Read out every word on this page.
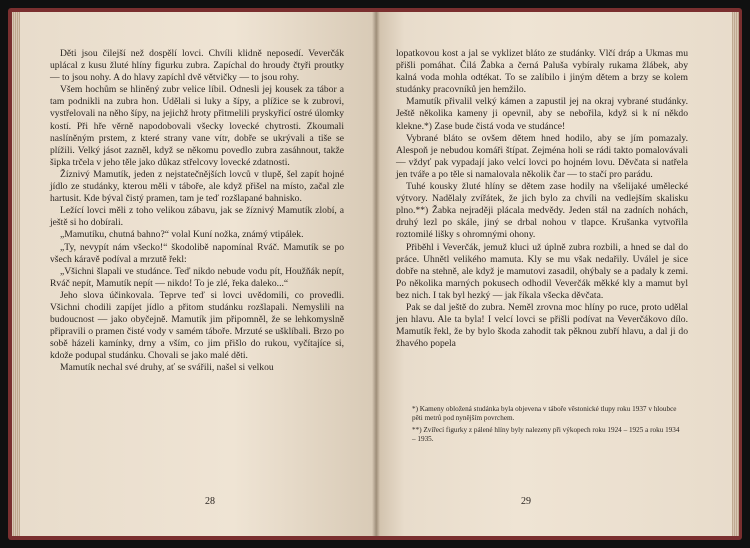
Děti jsou čilejší než dospělí lovci. Chvíli klidně neposedí. Veverčák uplácal z kusu žluté hlíny figurku zubra. Zapíchal do hroudy čtyři proutky — to jsou nohy. A do hlavy zapíchl dvě větvičky — to jsou rohy.

Všem hochům se hliněný zubr velice líbil. Odnesli jej kousek za tábor a tam podnikli na zubra hon. Udělali si luky a šípy, a plížice se k zubrovi, vystřelovali na něho šípy, na jejichž hroty přitmelili pryskyřicí ostré úlomky kostí. Při hře věrně napodobovali všecky lovecké chytrosti. Zkoumali naslíněným prstem, z které strany vane vítr, dobře se ukrývali a tiše se plížili. Velký jásot zazněl, když se někomu povedlo zubra zasáhnout, takže šipka trčela v jeho těle jako důkaz střelcovy lovecké zdatnosti.

Žíznivý Mamutík, jeden z nejstatečnějších lovců v tlupě, šel zapít hojné jídlo ze studánky, kterou měli v táboře, ale když přišel na místo, začal zle hartusit. Kde býval čistý pramen, tam je teď rozšlapané bahnisko.

Ležící lovci měli z toho velikou zábavu, jak se žíznivý Mamutík zlobí, a ještě si ho dobírali.

„Mamutíku, chutná bahno?“ volal Kuní nožka, známý vtipálek.

„Ty, nevypít nám všecko!“ škodolibě napomínal Rváč. Mamutík se po všech káravě podíval a mrzutě řekl:

„Všichni šlapali ve studánce. Teď nikdo nebude vodu pít, Houžňák nepít, Rváč nepít, Mamutík nepít — nikdo! To je zlé, řeka daleko...“

Jeho slova účinkovala. Teprve teď si lovci uvědomili, co provedli. Všichni chodili zapíjet jídlo a přitom studánku rozšlapali. Nemyslili na budoucnost — jako obyčejně. Mamutík jim připomněl, že se lehkomyslně připravili o pramen čisté vody v samém táboře. Mrzuté se ušklíbali. Brzo po sobě házeli kamínky, drny a vším, co jim přišlo do rukou, vyčítajíce si, kdože podupal studánku. Chovali se jako malé děti.

Mamutík nechal své druhy, ať se svářili, našel si velkou

lopatkovou kost a jal se vyklizet bláto ze studánky. Vlčí dráp a Ukmas mu přišli pomáhat. Čilá Žabka a černá Paluša vybíraly rukama žlábek, aby kalná voda mohla odtékat. To se zalíbilo i jiným dětem a brzy se kolem studánky pracovníků jen hemžilo.

Mamutík přivalil velký kámen a zapustil jej na okraj vybrané studánky. Ještě několika kameny ji opevnil, aby se nebořila, když si k ní někdo klekne.*) Zase bude čistá voda ve studánce!

Vybrané bláto se ovšem dětem hned hodilo, aby se jím pomazaly. Alespoň je nebudou komáři štípat. Zejména holi se rádi takto pomalovávali — vždyť pak vypadají jako velcí lovci po hojném lovu. Děvčata si natřela jen tváře a po těle si namalovala několik čar — to stačí pro parádu.

Tuhé kousky žluté hlíny se dětem zase hodily na všelijaké umělecké výtvory. Nadělaly zvířátek, že jich bylo za chvíli na vedlejším skalisku plno.**) Žabka nejraději plácala medvědy. Jeden stál na zadních nohách, druhý lezl po skále, jiný se drbal nohou v tlapce. Krušanka vytvořila roztomilé lišky s ohromnými ohony.

Přiběhl i Veverčák, jemuž kluci už úplně zubra rozbili, a hned se dal do práce. Uhnětl velikého mamuta. Kly se mu však nedařily. Uválel je sice dobře na stehně, ale když je mamutovi zasadil, ohýbaly se a padaly k zemi. Po několika marných pokusech odhodil Veverčák měkké kly a mamut byl bez nich. I tak byl hezký — jak říkala všecka děvčata.

Pak se dal ještě do zubra. Neměl zrovna moc hlíny po ruce, proto udělal jen hlavu. Ale ta byla! I velcí lovci se přišli podívat na Veverčákovo dílo. Mamutík řekl, že by bylo škoda zahodit tak pěknou zubří hlavu, a dal ji do žhavého popela

*) Kameny obložená studánka byla objevena v táboře věstonické tlupy roku 1937 v hloubce pěti metrů pod nynějším povrchem.

**) Zvířecí figurky z pálené hlíny byly nalezeny při výkopech roku 1924 – 1925 a roku 1934 – 1935.

28	29
